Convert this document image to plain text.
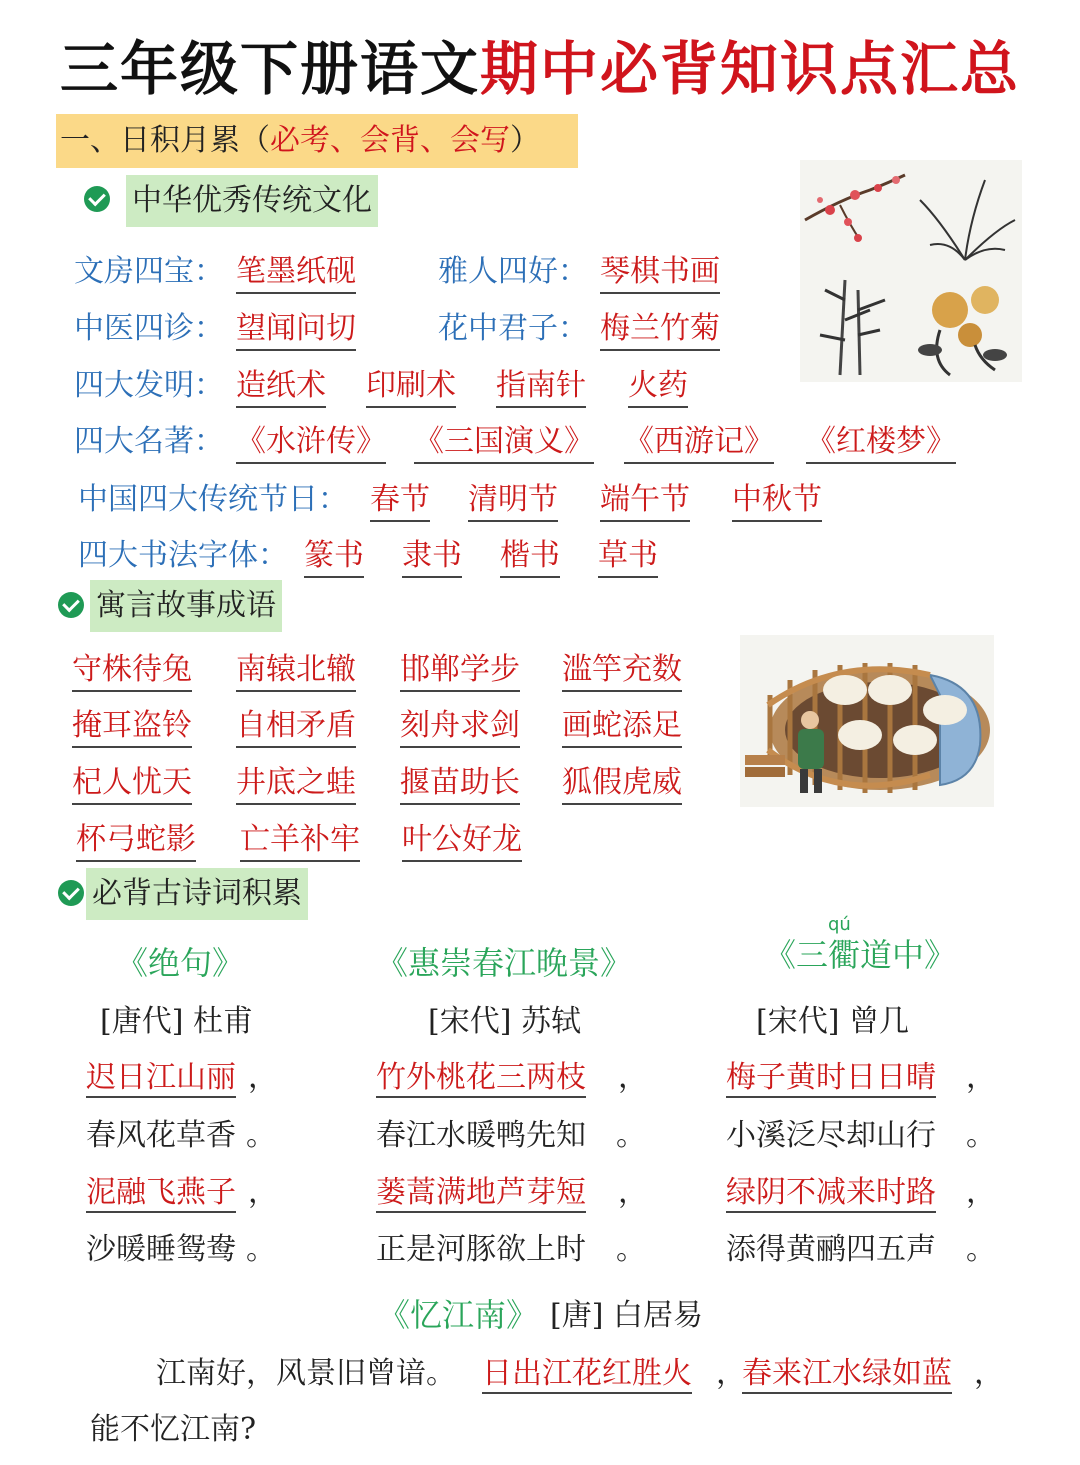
三年级下册语文期中必背知识点汇总
一、日积月累（必考、会背、会写）
中华优秀传统文化
文房四宝： 笔墨纸砚	雅人四好： 琴棋书画
中医四诊： 望闻问切	花中君子： 梅兰竹菊
四大发明： 造纸术 印刷术 指南针 火药
四大名著： 《水浒传》 《三国演义》 《西游记》 《红楼梦》
中国四大传统节日： 春节 清明节 端午节 中秋节
四大书法字体： 篆书 隶书 楷书 草书
寓言故事成语
守株待兔 南辕北辙 邯郸学步 滥竽充数
掩耳盗铃 自相矛盾 刻舟求剑 画蛇添足
杞人忧天 井底之蛙 揠苗助长 狐假虎威
杯弓蛇影 亡羊补牢 叶公好龙
必背古诗词积累
《绝句》
[唐代] 杜甫
迟日江山丽 ，
春风花草香 。
泥融飞燕子 ，
沙暖睡鸳鸯 。
《惠崇春江晚景》
[宋代] 苏轼
竹外桃花三两枝 ，
春江水暖鸭先知 。
蒌蒿满地芦芽短 ，
正是河豚欲上时 。
qú
《三衢道中》
[宋代] 曾几
梅子黄时日日晴 ，
小溪泛尽却山行 。
绿阴不减来时路 ，
添得黄鹂四五声 。
《忆江南》 [唐] 白居易
江南好，风景旧曾谙。 日出江花红胜火 ，
春来江水绿如蓝 ，
能不忆江南?
